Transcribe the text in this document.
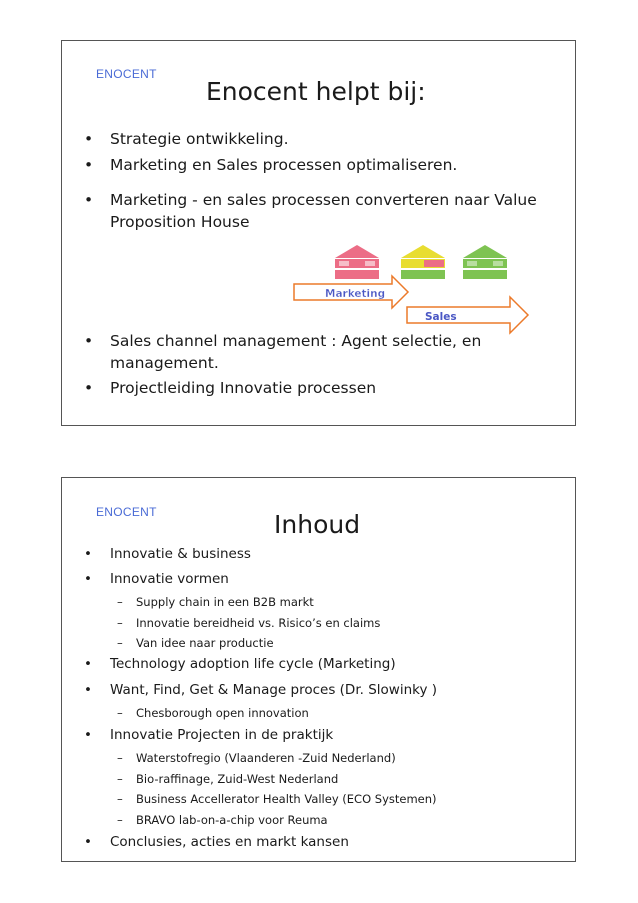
ENOCENT
Enocent helpt bij:
• Strategie ontwikkeling.
• Marketing en Sales processen optimaliseren.
• Marketing - en sales processen converteren naar Value Proposition House
Marketing
Sales
• Sales channel management : Agent selectie, en management.
• Projectleiding Innovatie processen
ENOCENT	Inhoud
• Innovatie & business
• Innovatie vormen
– Supply chain in een B2B markt
– Innovatie bereidheid vs. Risico’s en claims
– Van idee naar productie
• Technology adoption life cycle (Marketing)
• Want, Find, Get & Manage proces (Dr. Slowinky )
– Chesborough open innovation
• Innovatie Projecten in de praktijk
– Waterstofregio (Vlaanderen -Zuid Nederland)
– Bio-raffinage, Zuid-West Nederland
– Business Accellerator Health Valley (ECO Systemen)
– BRAVO lab-on-a-chip voor Reuma
• Conclusies, acties en markt kansen
